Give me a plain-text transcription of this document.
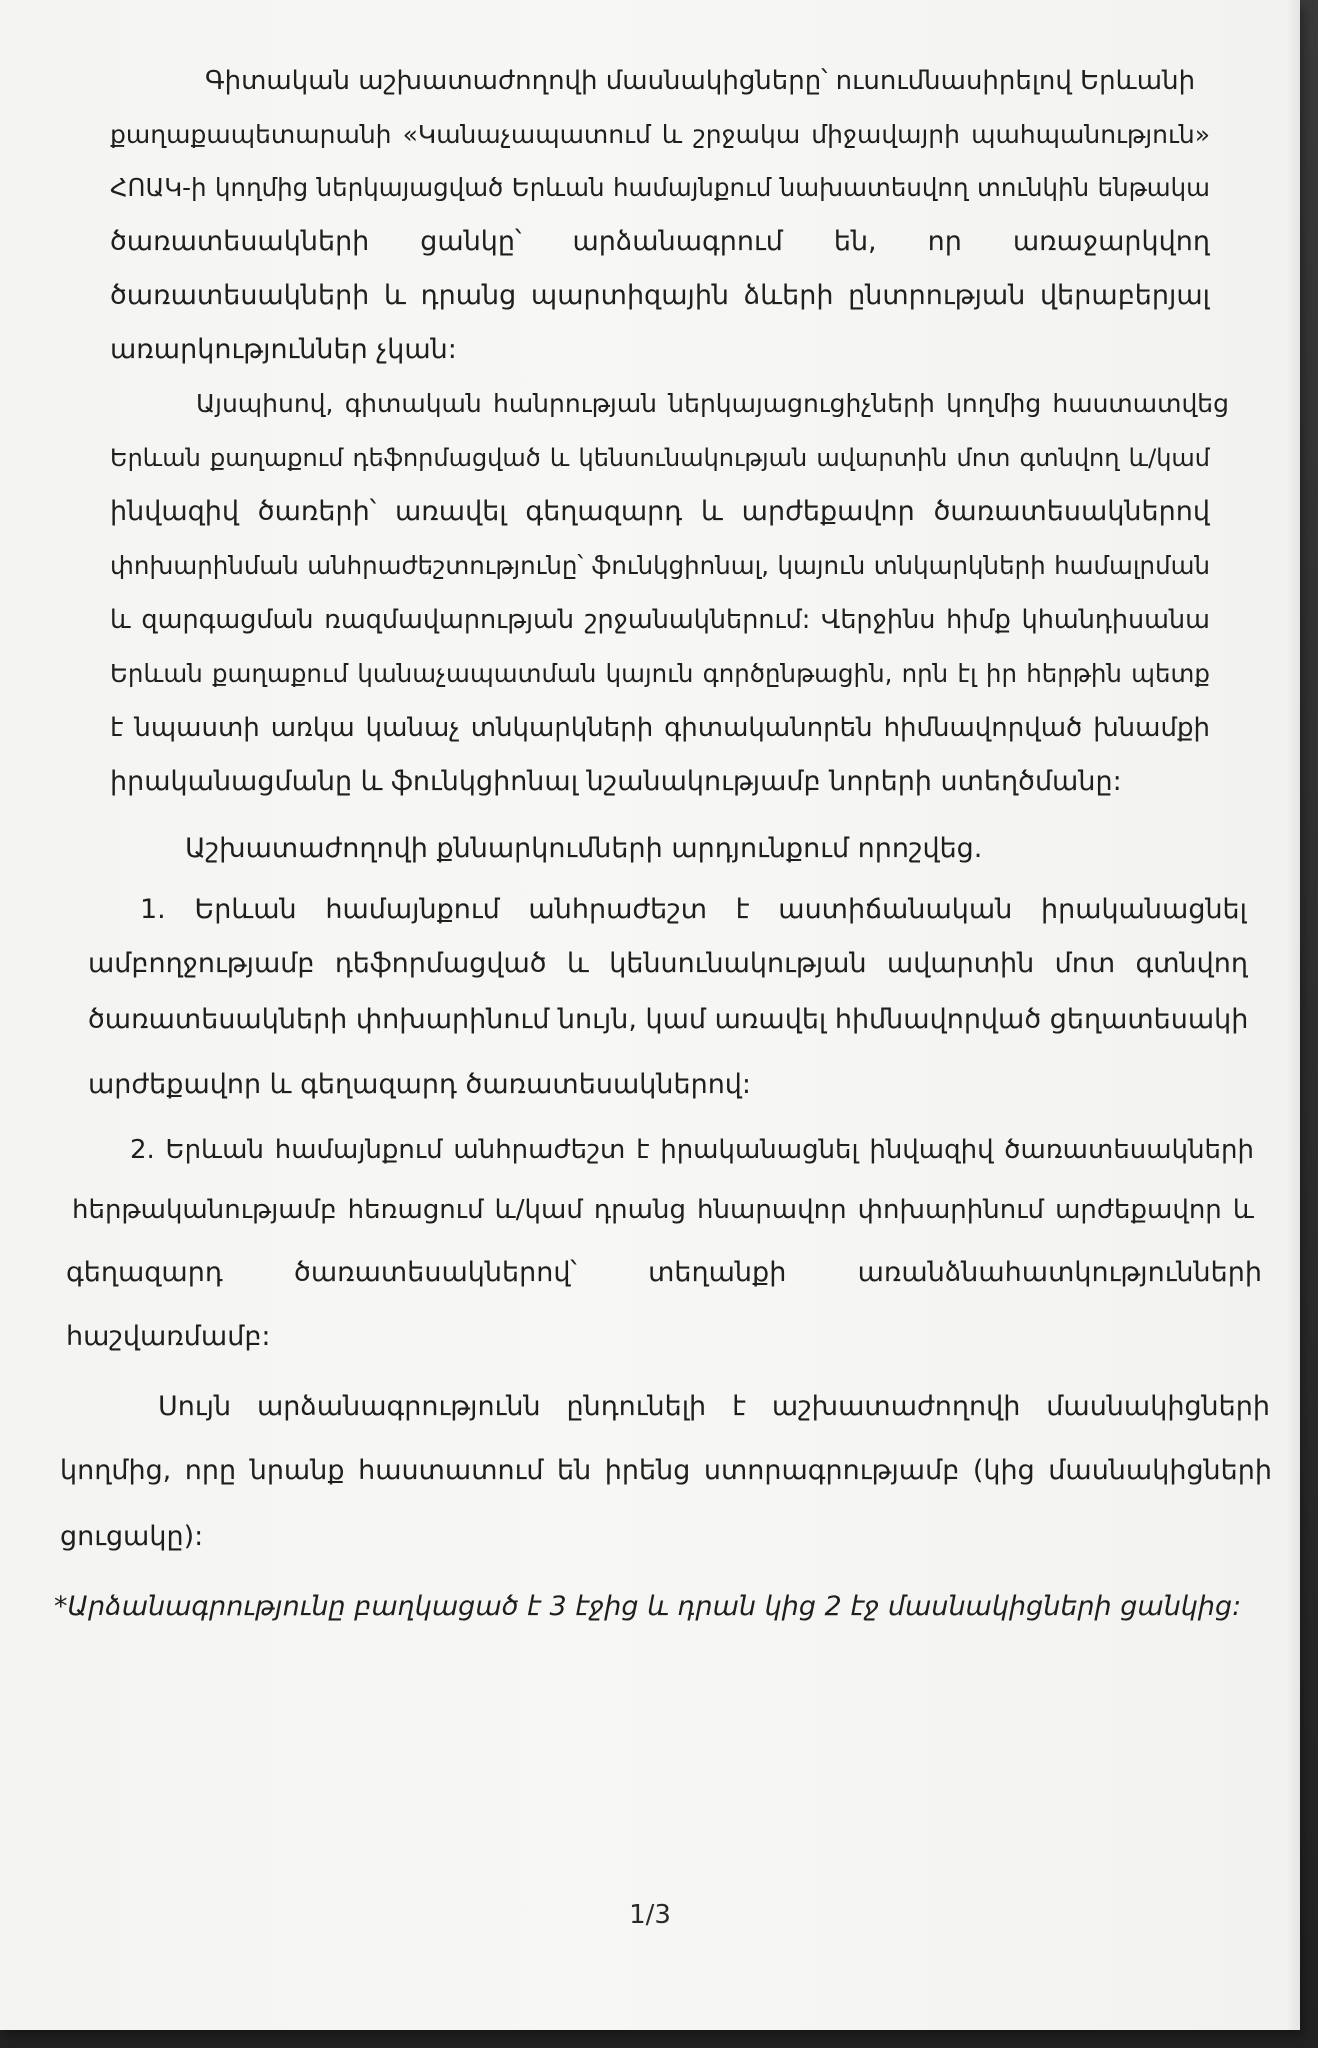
Գիտական աշխատաժողովի մասնակիցները՝ ուսումնասիրելով Երևանի
քաղաքապետարանի «Կանաչապատում և շրջակա միջավայրի պահպանություն»
ՀՈԱԿ-ի կողմից ներկայացված Երևան համայնքում նախատեսվող տունկին ենթակա
ծառատեսակների ցանկը՝ արձանագրում են, որ առաջարկվող
ծառատեսակների և դրանց պարտիզային ձևերի ընտրության վերաբերյալ
առարկություններ չկան:
Այսպիսով, գիտական հանրության ներկայացուցիչների կողմից հաստատվեց
Երևան քաղաքում դեֆորմացված և կենսունակության ավարտին մոտ գտնվող և/կամ
ինվազիվ ծառերի՝ առավել գեղազարդ և արժեքավոր ծառատեսակներով
փոխարինման անհրաժեշտությունը՝ ֆունկցիոնալ, կայուն տնկարկների համալրման
և զարգացման ռազմավարության շրջանակներում: Վերջինս հիմք կհանդիսանա
Երևան քաղաքում կանաչապատման կայուն գործընթացին, որն էլ իր հերթին պետք
է նպաստի առկա կանաչ տնկարկների գիտականորեն հիմնավորված խնամքի
իրականացմանը և ֆունկցիոնալ նշանակությամբ նորերի ստեղծմանը:
Աշխատաժողովի քննարկումների արդյունքում որոշվեց.
1. Երևան համայնքում անհրաժեշտ է աստիճանական իրականացնել
ամբողջությամբ դեֆորմացված և կենսունակության ավարտին մոտ գտնվող
ծառատեսակների փոխարինում նույն, կամ առավել հիմնավորված ցեղատեսակի
արժեքավոր և գեղազարդ ծառատեսակներով:
2. Երևան համայնքում անհրաժեշտ է իրականացնել ինվազիվ ծառատեսակների
հերթականությամբ հեռացում և/կամ դրանց հնարավոր փոխարինում արժեքավոր և
գեղազարդ ծառատեսակներով՝ տեղանքի առանձնահատկությունների
հաշվառմամբ:
Սույն արձանագրությունն ընդունելի է աշխատաժողովի մասնակիցների
կողմից, որը նրանք հաստատում են իրենց ստորագրությամբ (կից մասնակիցների
ցուցակը):
*Արձանագրությունը բաղկացած է 3 էջից և դրան կից 2 էջ մասնակիցների ցանկից:
1/3
